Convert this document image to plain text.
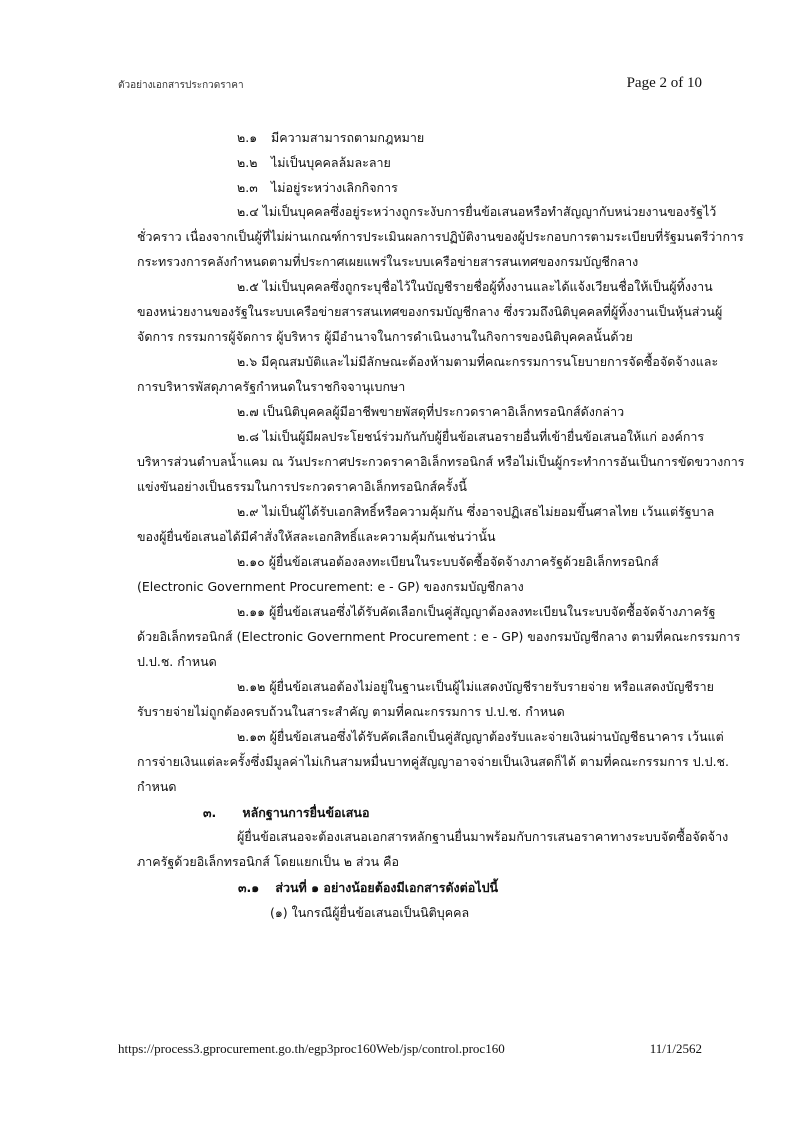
ตัวอย่างเอกสารประกวดราคา	Page 2 of 10
๒.๑ มีความสามารถตามกฎหมาย
๒.๒ ไม่เป็นบุคคลล้มละลาย
๒.๓ ไม่อยู่ระหว่างเลิกกิจการ
๒.๔ ไม่เป็นบุคคลซึ่งอยู่ระหว่างถูกระงับการยื่นข้อเสนอหรือทำสัญญากับหน่วยงานของรัฐไว้
ชั่วคราว เนื่องจากเป็นผู้ที่ไม่ผ่านเกณฑ์การประเมินผลการปฏิบัติงานของผู้ประกอบการตามระเบียบที่รัฐมนตรีว่าการ
กระทรวงการคลังกำหนดตามที่ประกาศเผยแพร่ในระบบเครือข่ายสารสนเทศของกรมบัญชีกลาง
๒.๕ ไม่เป็นบุคคลซึ่งถูกระบุชื่อไว้ในบัญชีรายชื่อผู้ทิ้งงานและได้แจ้งเวียนชื่อให้เป็นผู้ทิ้งงาน
ของหน่วยงานของรัฐในระบบเครือข่ายสารสนเทศของกรมบัญชีกลาง ซึ่งรวมถึงนิติบุคคลที่ผู้ทิ้งงานเป็นหุ้นส่วนผู้
จัดการ กรรมการผู้จัดการ ผู้บริหาร ผู้มีอำนาจในการดำเนินงานในกิจการของนิติบุคคลนั้นด้วย
๒.๖ มีคุณสมบัติและไม่มีลักษณะต้องห้ามตามที่คณะกรรมการนโยบายการจัดซื้อจัดจ้างและ
การบริหารพัสดุภาครัฐกำหนดในราชกิจจานุเบกษา
๒.๗ เป็นนิติบุคคลผู้มีอาชีพขายพัสดุที่ประกวดราคาอิเล็กทรอนิกส์ดังกล่าว
๒.๘ ไม่เป็นผู้มีผลประโยชน์ร่วมกันกับผู้ยื่นข้อเสนอรายอื่นที่เข้ายื่นข้อเสนอให้แก่ องค์การ
บริหารส่วนตำบลน้ำแคม ณ วันประกาศประกวดราคาอิเล็กทรอนิกส์ หรือไม่เป็นผู้กระทำการอันเป็นการขัดขวางการ
แข่งขันอย่างเป็นธรรมในการประกวดราคาอิเล็กทรอนิกส์ครั้งนี้
๒.๙ ไม่เป็นผู้ได้รับเอกสิทธิ์หรือความคุ้มกัน ซึ่งอาจปฏิเสธไม่ยอมขึ้นศาลไทย เว้นแต่รัฐบาล
ของผู้ยื่นข้อเสนอได้มีคำสั่งให้สละเอกสิทธิ์และความคุ้มกันเช่นว่านั้น
๒.๑๐ ผู้ยื่นข้อเสนอต้องลงทะเบียนในระบบจัดซื้อจัดจ้างภาครัฐด้วยอิเล็กทรอนิกส์
(Electronic Government Procurement: e - GP) ของกรมบัญชีกลาง
๒.๑๑ ผู้ยื่นข้อเสนอซึ่งได้รับคัดเลือกเป็นคู่สัญญาต้องลงทะเบียนในระบบจัดซื้อจัดจ้างภาครัฐ
ด้วยอิเล็กทรอนิกส์ (Electronic Government Procurement : e - GP) ของกรมบัญชีกลาง ตามที่คณะกรรมการ
ป.ป.ช. กำหนด
๒.๑๒ ผู้ยื่นข้อเสนอต้องไม่อยู่ในฐานะเป็นผู้ไม่แสดงบัญชีรายรับรายจ่าย หรือแสดงบัญชีราย
รับรายจ่ายไม่ถูกต้องครบถ้วนในสาระสำคัญ ตามที่คณะกรรมการ ป.ป.ช. กำหนด
๒.๑๓ ผู้ยื่นข้อเสนอซึ่งได้รับคัดเลือกเป็นคู่สัญญาต้องรับและจ่ายเงินผ่านบัญชีธนาคาร เว้นแต่
การจ่ายเงินแต่ละครั้งซึ่งมีมูลค่าไม่เกินสามหมื่นบาทคู่สัญญาอาจจ่ายเป็นเงินสดก็ได้ ตามที่คณะกรรมการ ป.ป.ช.
กำหนด
๓. หลักฐานการยื่นข้อเสนอ
ผู้ยื่นข้อเสนอจะต้องเสนอเอกสารหลักฐานยื่นมาพร้อมกับการเสนอราคาทางระบบจัดซื้อจัดจ้าง
ภาครัฐด้วยอิเล็กทรอนิกส์ โดยแยกเป็น ๒ ส่วน คือ
๓.๑ ส่วนที่ ๑ อย่างน้อยต้องมีเอกสารดังต่อไปนี้
(๑) ในกรณีผู้ยื่นข้อเสนอเป็นนิติบุคคล
https://process3.gprocurement.go.th/egp3proc160Web/jsp/control.proc160	11/1/2562
